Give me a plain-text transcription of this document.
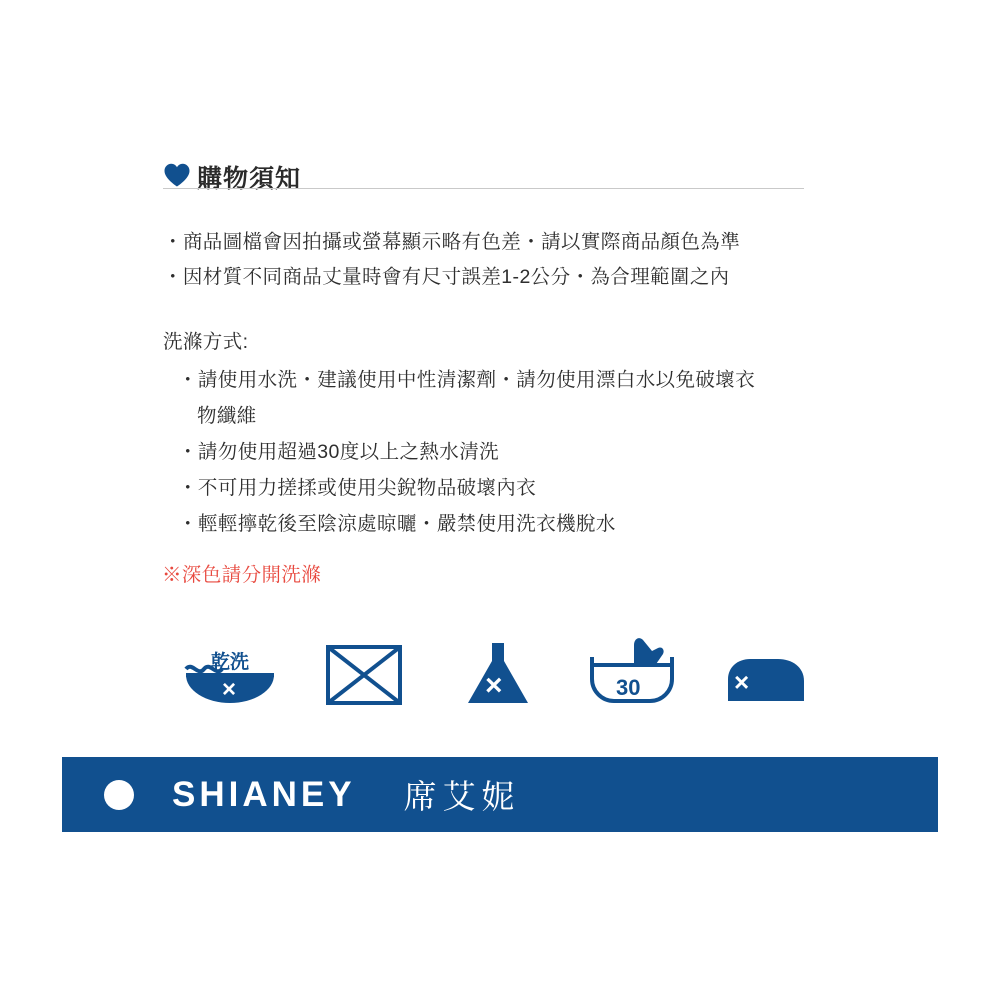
購物須知
・ 商品圖檔會因拍攝或螢幕顯示略有色差・請以實際商品顏色為準
・ 因材質不同商品丈量時會有尺寸誤差1-2公分・為合理範圍之內
洗滌方式:
・ 請使用水洗・建議使用中性清潔劑・請勿使用漂白水以免破壞衣
物纖維
・ 請勿使用超過30度以上之熱水清洗
・ 不可用力搓揉或使用尖銳物品破壞內衣
・ 輕輕擰乾後至陰涼處晾曬・嚴禁使用洗衣機脫水
※深色請分開洗滌
乾洗
×	×	30	×
SHIANEY 席艾妮
